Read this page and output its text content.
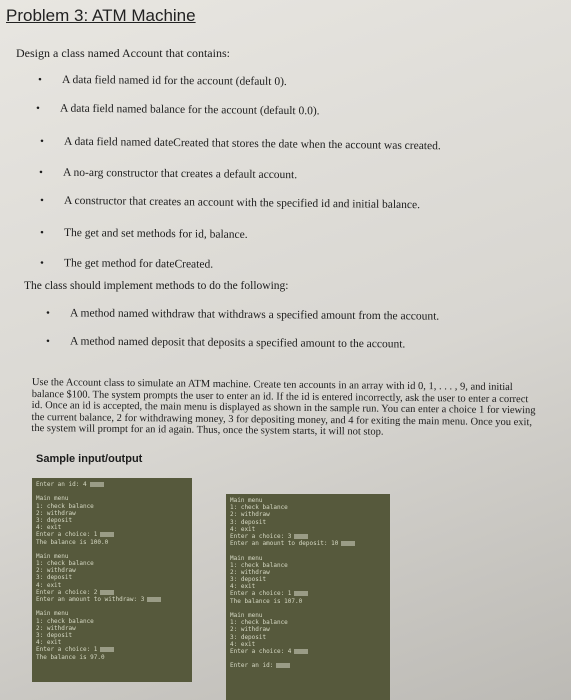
Problem 3: ATM Machine
Design a class named Account that contains:
• A data field named id for the account (default 0).
• A data field named balance for the account (default 0.0).
• A data field named dateCreated that stores the date when the account was created.
• A no-arg constructor that creates a default account.
• A constructor that creates an account with the specified id and initial balance.
• The get and set methods for id, balance.
• The get method for dateCreated.
The class should implement methods to do the following:
• A method named withdraw that withdraws a specified amount from the account.
• A method named deposit that deposits a specified amount to the account.
Use the Account class to simulate an ATM machine. Create ten accounts in an array with id 0, 1, . . . , 9, and initial balance $100. The system prompts the user to enter an id. If the id is entered incorrectly, ask the user to enter a correct id. Once an id is accepted, the main menu is displayed as shown in the sample run. You can enter a choice 1 for viewing the current balance, 2 for withdrawing money, 3 for depositing money, and 4 for exiting the main menu. Once you exit, the system will prompt for an id again. Thus, once the system starts, it will not stop.
Sample input/output
Enter an id: 4
Main menu
1: check balance
2: withdraw
3: deposit
4: exit
Enter a choice: 1
The balance is 100.0
Main menu
1: check balance
2: withdraw
3: deposit
4: exit
Enter a choice: 2
Enter an amount to withdraw: 3
Main menu
1: check balance
2: withdraw
3: deposit
4: exit
Enter a choice: 1
The balance is 97.0
Main menu
1: check balance
2: withdraw
3: deposit
4: exit
Enter a choice: 3
Enter an amount to deposit: 10
Main menu
1: check balance
2: withdraw
3: deposit
4: exit
Enter a choice: 1
The balance is 107.0
Main menu
1: check balance
2: withdraw
3: deposit
4: exit
Enter a choice: 4
Enter an id:
